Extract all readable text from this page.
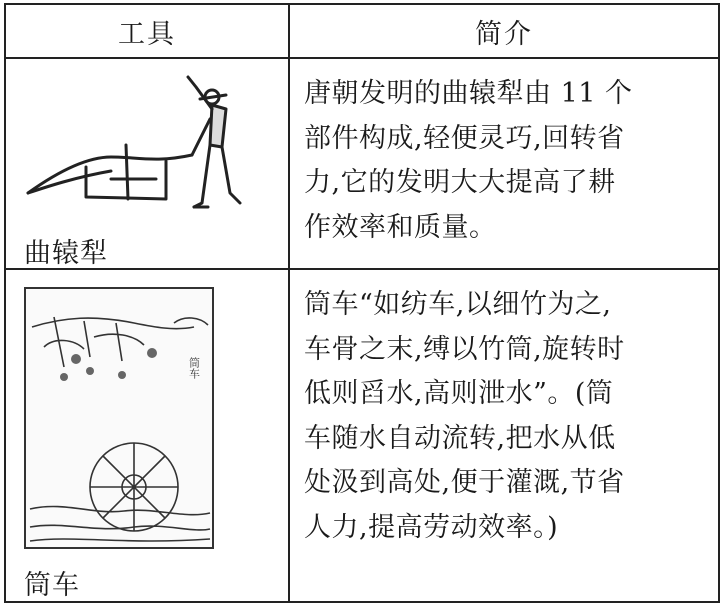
工具	简介
曲辕犁
唐朝发明的曲辕犁由 11 个
部件构成,轻便灵巧,回转省
力,它的发明大大提高了耕
作效率和质量。
筒车
筒车
筒车“如纺车,以细竹为之,
车骨之末,缚以竹筒,旋转时
低则舀水,高则泄水”。(筒
车随水自动流转,把水从低
处汲到高处,便于灌溉,节省
人力,提高劳动效率。)
